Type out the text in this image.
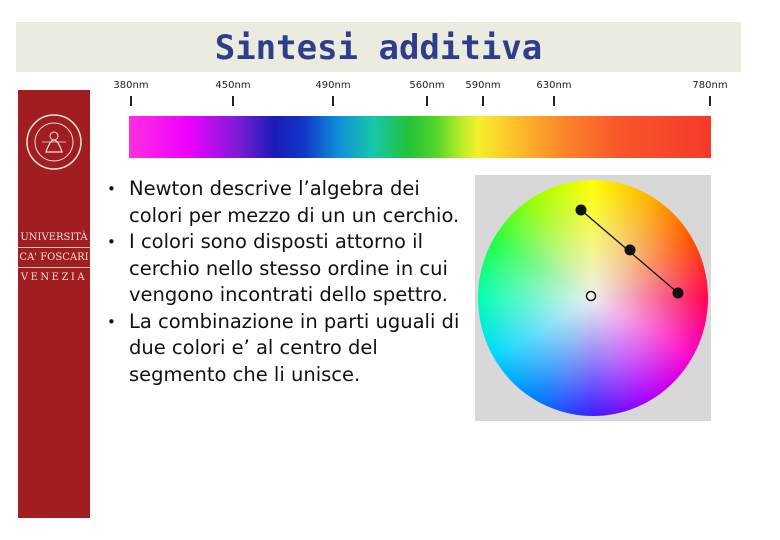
Sintesi additiva
UNIVERSITÀ
CA' FOSCARI
VENEZIA
380nm	450nm	490nm	560nm 590nm	630nm	780nm
• Newton descrive l’algebra dei colori per mezzo di un un cerchio.
• I colori sono disposti attorno il cerchio nello stesso ordine in cui vengono incontrati dello spettro.
• La combinazione in parti uguali di due colori e’ al centro del segmento che li unisce.
